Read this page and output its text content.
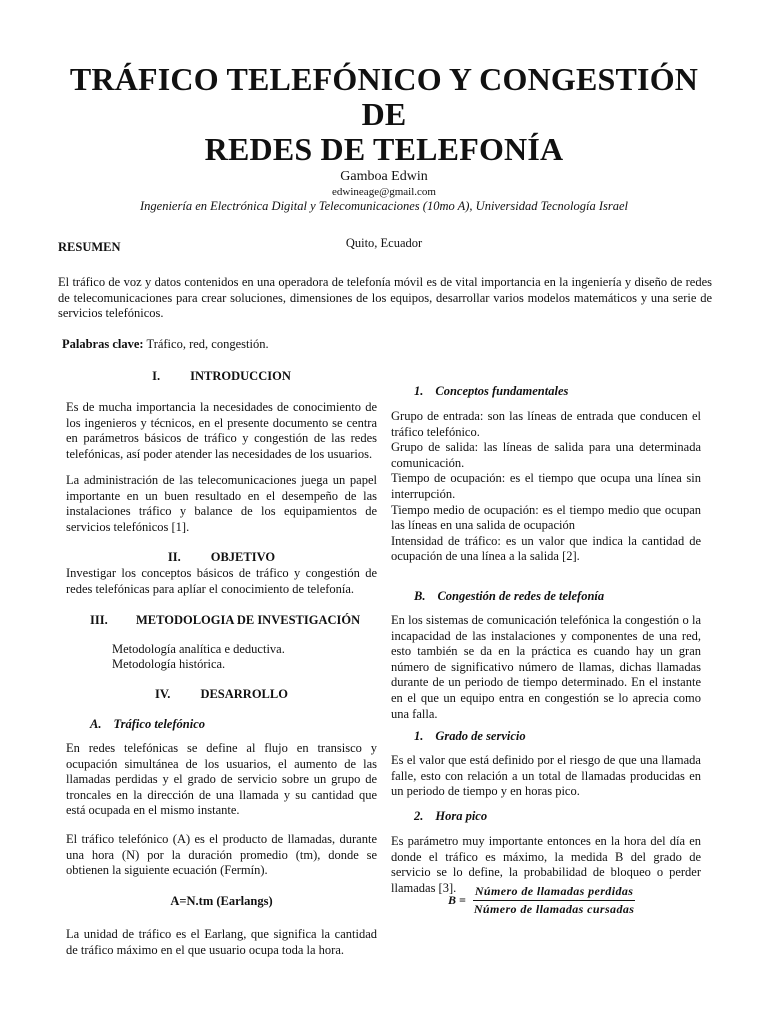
TRÁFICO TELEFÓNICO Y CONGESTIÓN DE
REDES DE TELEFONÍA
Gamboa Edwin
edwineage@gmail.com
Ingeniería en Electrónica Digital y Telecomunicaciones (10mo A), Universidad Tecnología Israel
Quito, Ecuador
RESUMEN
El tráfico de voz y datos contenidos en una operadora de telefonía móvil es de vital importancia en la ingeniería y diseño de redes de telecomunicaciones para crear soluciones, dimensiones de los equipos, desarrollar varios modelos matemáticos y una serie de servicios telefónicos.
Palabras clave: Tráfico, red, congestión.
I. INTRODUCCION
Es de mucha importancia la necesidades de conocimiento de los ingenieros y técnicos, en el presente documento se centra en parámetros básicos de tráfico y congestión de las redes telefónicas, así poder atender las necesidades de los usuarios.
La administración de las telecomunicaciones juega un papel importante en un buen resultado en el desempeño de las instalaciones tráfico y balance de los equipamientos de servicios telefónicos [1].
II. OBJETIVO
Investigar los conceptos básicos de tráfico y congestión de redes telefónicas para aplíar el conocimiento de telefonía.
III. METODOLOGIA DE INVESTIGACIÓN
Metodología analítica e deductiva.
Metodología histórica.
IV. DESARROLLO
A. Tráfico telefónico
En redes telefónicas se define al flujo en transisco y ocupación simultánea de los usuarios, el aumento de las llamadas perdidas y el grado de servicio sobre un grupo de troncales en la dirección de una llamada y su cantidad que está ocupada en el mismo instante.
El tráfico telefónico (A) es el producto de llamadas, durante una hora (N) por la duración promedio (tm), donde se obtienen la siguiente ecuación (Fermín).
A=N.tm (Earlangs)
La unidad de tráfico es el Earlang, que significa la cantidad de tráfico máximo en el que usuario ocupa toda la hora.
1. Conceptos fundamentales
Grupo de entrada: son las líneas de entrada que conducen el tráfico telefónico.
Grupo de salida: las líneas de salida para una determinada comunicación.
Tiempo de ocupación: es el tiempo que ocupa una línea sin interrupción.
Tiempo medio de ocupación: es el tiempo medio que ocupan las líneas en una salida de ocupación
Intensidad de tráfico: es un valor que indica la cantidad de ocupación de una línea a la salida [2].
B. Congestión de redes de telefonía
En los sistemas de comunicación telefónica la congestión o la incapacidad de las instalaciones y componentes de una red, esto también se da en la práctica es cuando hay un gran número de significativo número de llamas, dichas llamadas durante de un periodo de tiempo determinado. En el instante en el que un equipo entra en congestión se lo aprecia como una falla.
1. Grado de servicio
Es el valor que está definido por el riesgo de que una llamada falle, esto con relación a un total de llamadas producidas en un periodo de tiempo y en horas pico.
2. Hora pico
Es parámetro muy importante entonces en la hora del día en donde el tráfico es máximo, la medida B del grado de servicio se lo define, la probabilidad de bloqueo o perder llamadas [3].
$B = \frac{\text{Número de llamadas perdidas}}{\text{Número de llamadas cursadas}}$
